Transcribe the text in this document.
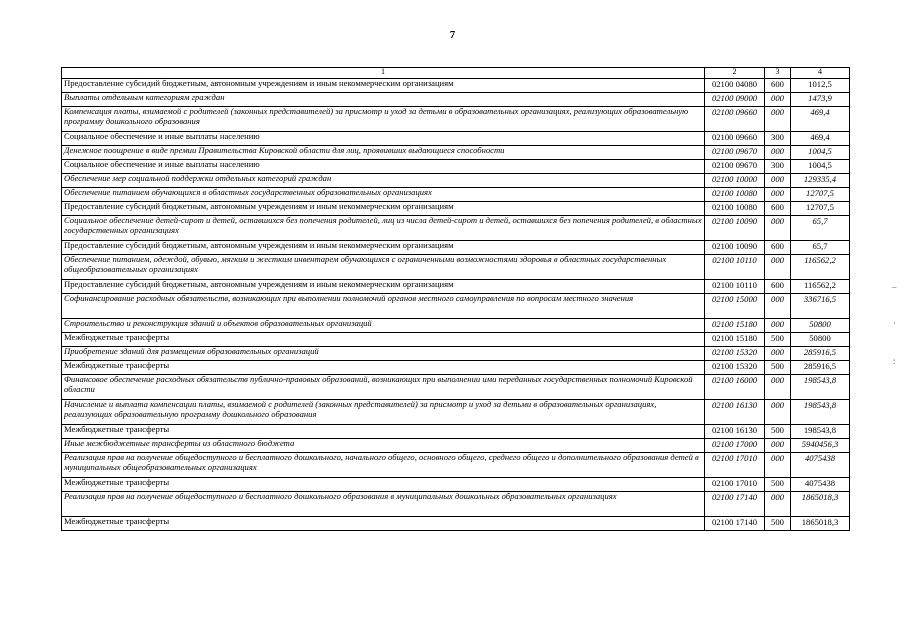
7
1	2	3	4
Предоставление субсидий бюджетным, автономным учреждениям и иным некоммерческим организациям	02100 04080	600	1012,5
Выплаты отдельным категориям граждан	02100 09000	000	1473,9
Компенсация платы, взимаемой с родителей (законных представителей) за присмотр и уход за детьми в образовательных организациях, реализующих образовательную программу дошкольного образования	02100 09660	000	469,4
Социальное обеспечение и иные выплаты населению	02100 09660	300	469,4
Денежное поощрение в виде премии Правительства Кировской области для лиц, проявивших выдающиеся способности	02100 09670	000	1004,5
Социальное обеспечение и иные выплаты населению	02100 09670	300	1004,5
Обеспечение мер социальной поддержки отдельных категорий граждан	02100 10000	000	129335,4
Обеспечение питанием обучающихся в областных государственных образовательных организациях	02100 10080	000	12707,5
Предоставление субсидий бюджетным, автономным учреждениям и иным некоммерческим организациям	02100 10080	600	12707,5
Социальное обеспечение детей-сирот и детей, оставшихся без попечения родителей, лиц из числа детей-сирот и детей, оставшихся без попечения родителей, в областных государственных организациях	02100 10090	000	65,7
Предоставление субсидий бюджетным, автономным учреждениям и иным некоммерческим организациям	02100 10090	600	65,7
Обеспечение питанием, одеждой, обувью, мягким и жестким инвентарем обучающихся с ограниченными возможностями здоровья в областных государственных общеобразовательных организациях	02100 10110	000	116562,2
Предоставление субсидий бюджетным, автономным учреждениям и иным некоммерческим организациям	02100 10110	600	116562,2
Софинансирование расходных обязательств, возникающих при выполнении полномочий органов местного самоуправления по вопросам местного значения	02100 15000	000	336716,5
Строительство и реконструкция зданий и объектов образовательных организаций	02100 15180	000	50800
Межбюджетные трансферты	02100 15180	500	50800
Приобретение зданий для размещения образовательных организаций	02100 15320	000	285916,5
Межбюджетные трансферты	02100 15320	500	285916,5
Финансовое обеспечение расходных обязательств публично-правовых образований, возникающих при выполнении ими переданных государственных полномочий Кировской области	02100 16000	000	198543,8
Начисление и выплата компенсации платы, взимаемой с родителей (законных представителей) за присмотр и уход за детьми в образовательных организациях, реализующих образовательную программу дошкольного образования	02100 16130	000	198543,8
Межбюджетные трансферты	02100 16130	500	198543,8
Иные межбюджетные трансферты из областного бюджета	02100 17000	000	5940456,3
Реализация прав на получение общедоступного и бесплатного дошкольного, начального общего, основного общего, среднего общего и дополнительного образования детей в муниципальных общеобразовательных организациях	02100 17010	000	4075438
Межбюджетные трансферты	02100 17010	500	4075438
Реализация прав на получение общедоступного и бесплатного дошкольного образования в муниципальных дошкольных образовательных организациях	02100 17140	000	1865018,3
Межбюджетные трансферты	02100 17140	500	1865018,3
–
·
:
